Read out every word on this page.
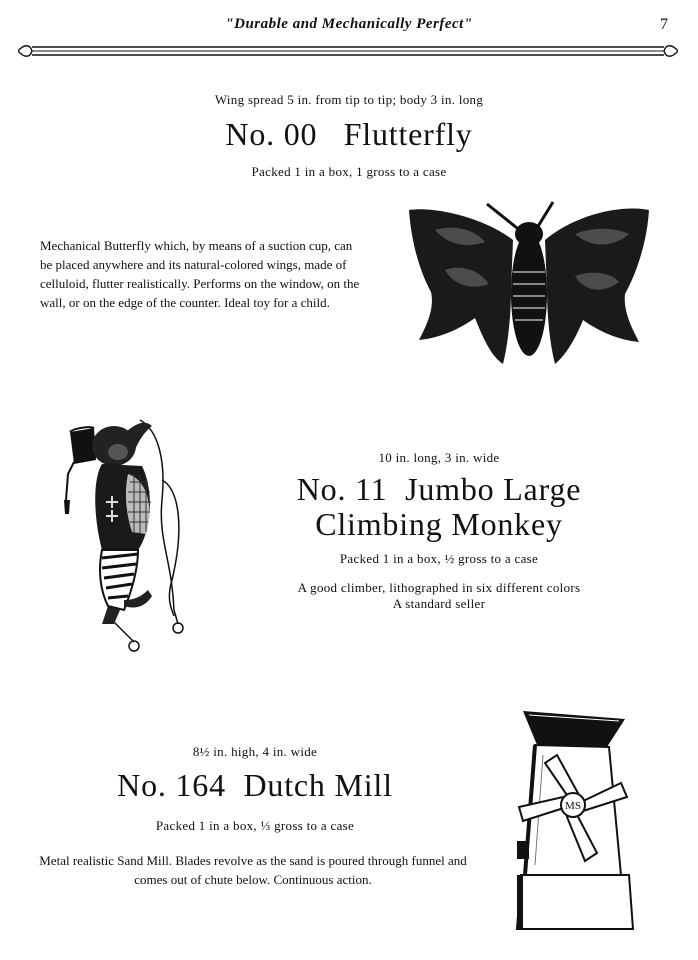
"Durable and Mechanically Perfect"	7
Wing spread 5 in. from tip to tip; body 3 in. long
No. 00   Flutterfly
Packed 1 in a box, 1 gross to a case
Mechanical Butterfly which, by means of a suction cup, can be placed anywhere and its natural-colored wings, made of celluloid, flutter realistically. Performs on the window, on the wall, or on the edge of the counter. Ideal toy for a child.
10 in. long, 3 in. wide
No. 11  Jumbo Large
Climbing Monkey
Packed 1 in a box, ½ gross to a case
A good climber, lithographed in six different colors
A standard seller
8½ in. high, 4 in. wide
No. 164  Dutch Mill
Packed 1 in a box, ⅓ gross to a case
Metal realistic Sand Mill. Blades revolve as the sand is poured through funnel and comes out of chute below. Continuous action.
MS
